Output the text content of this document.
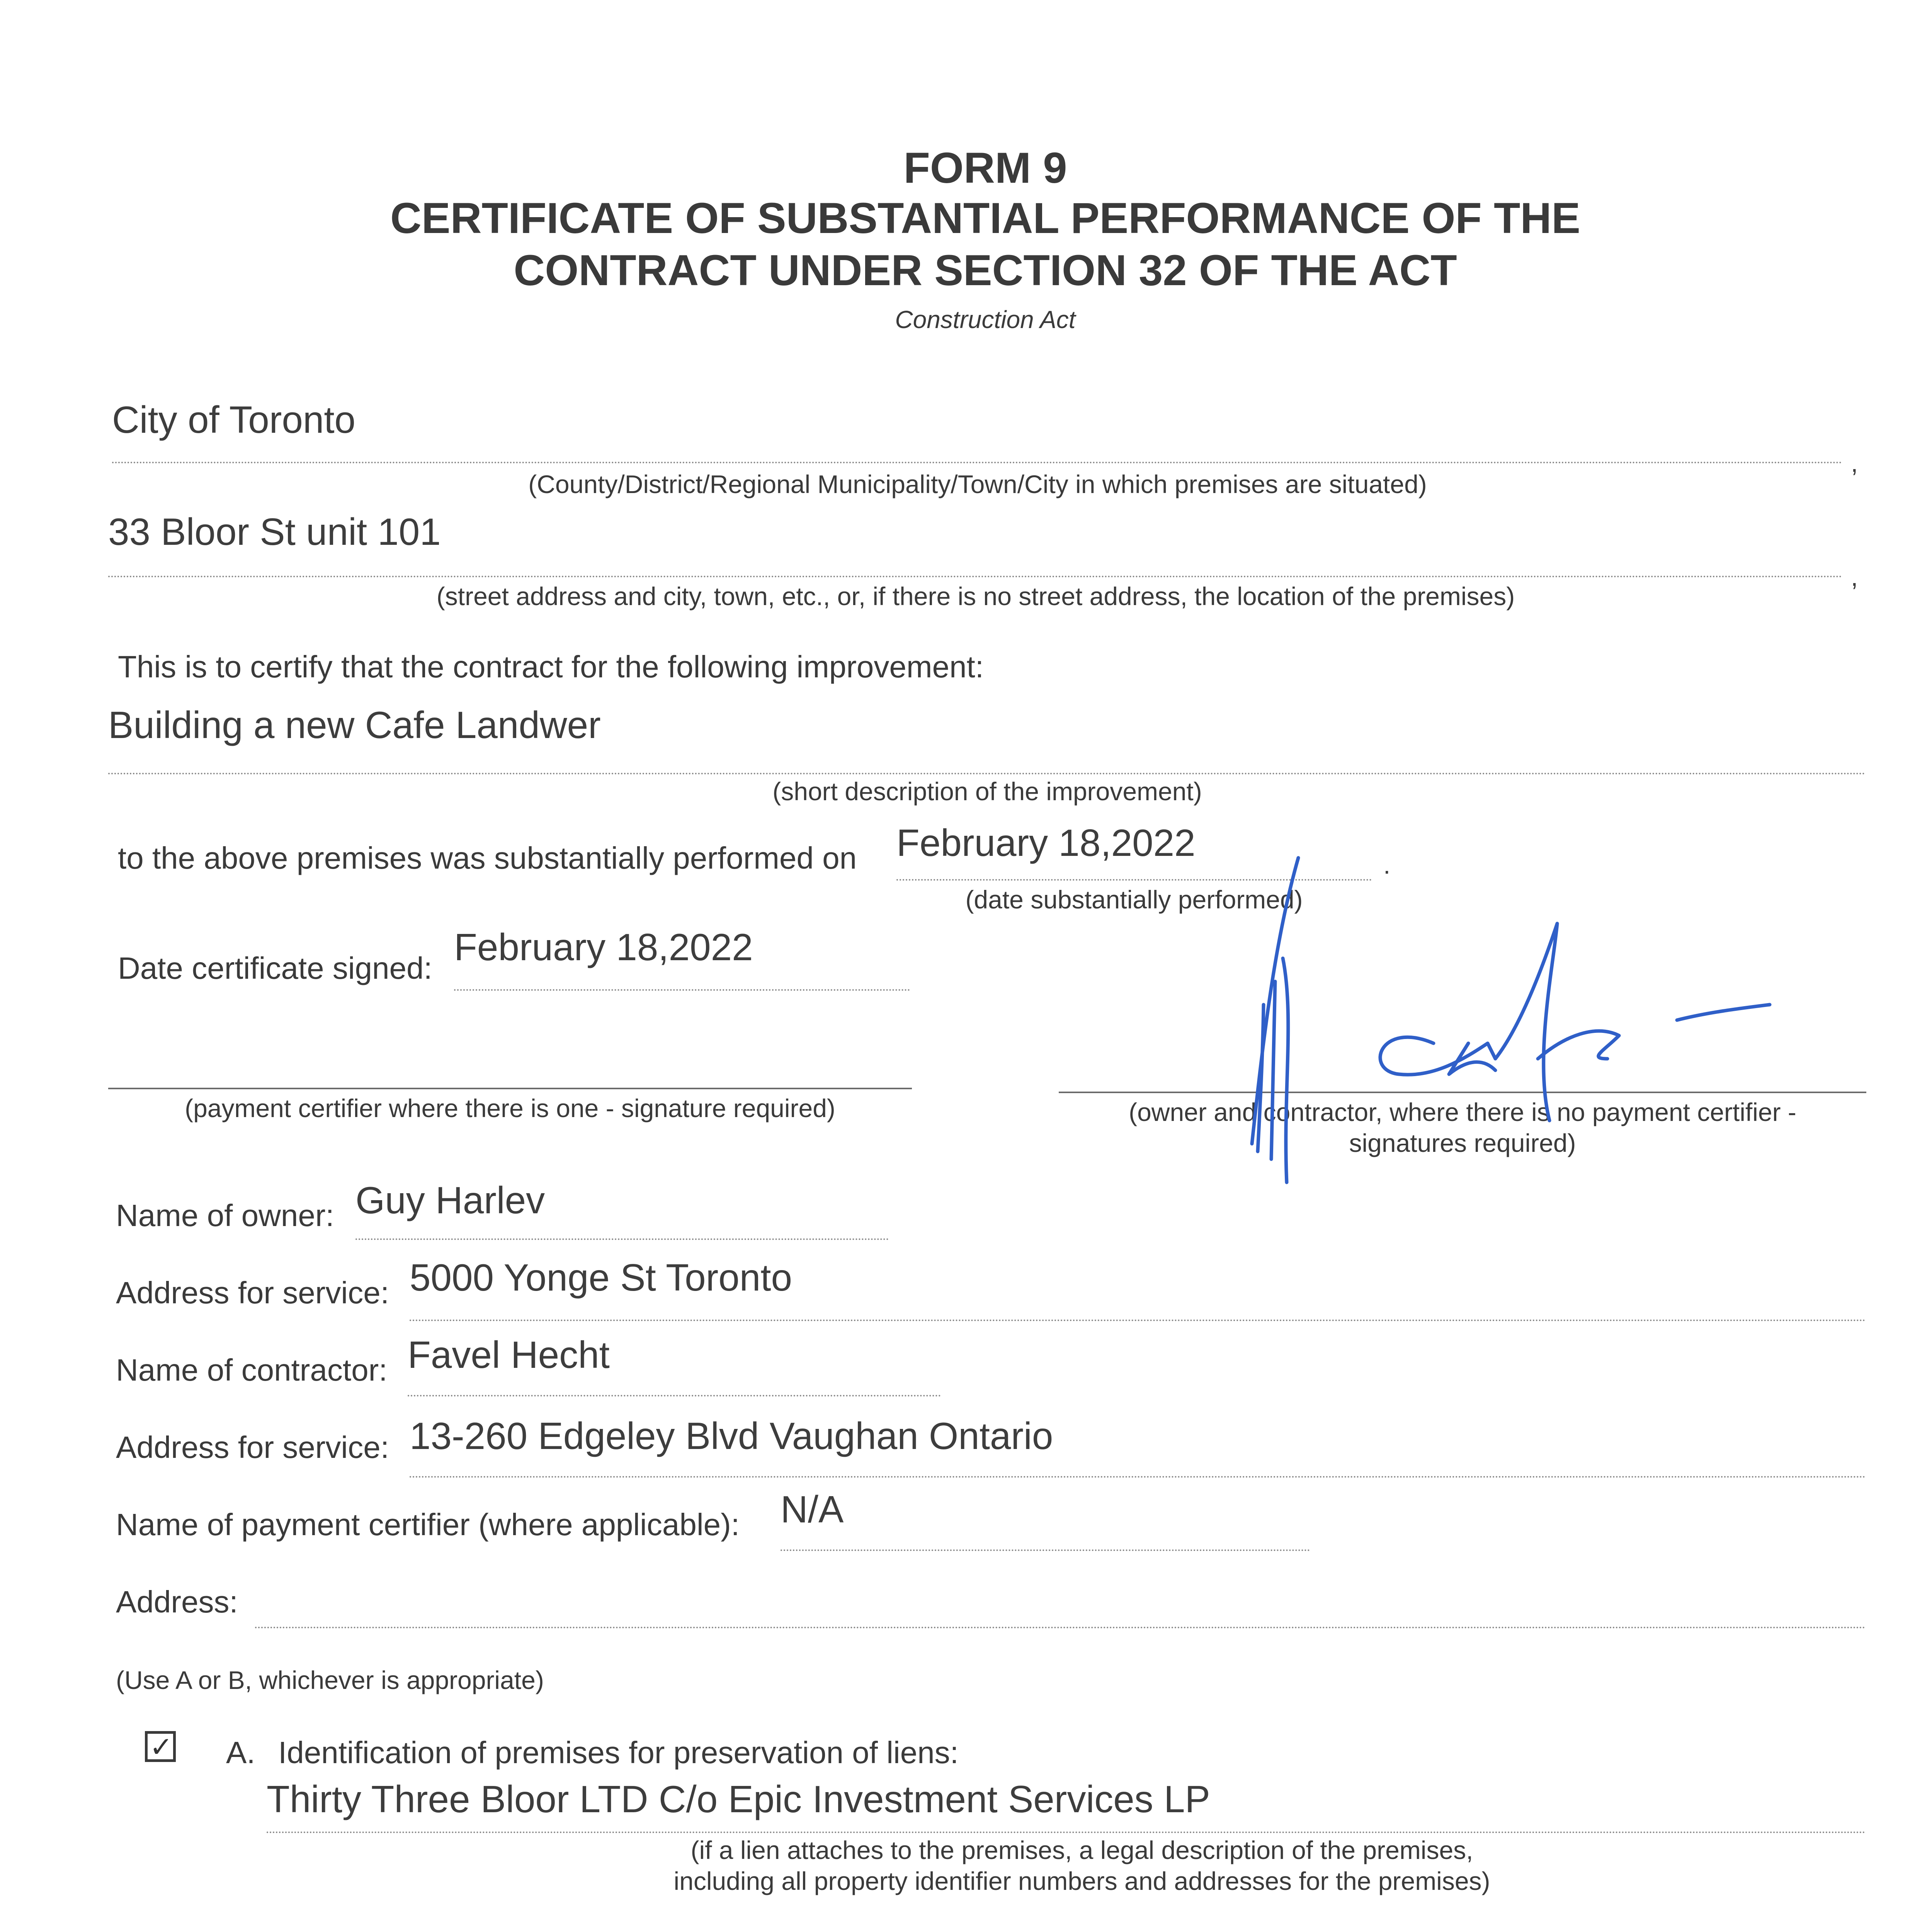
FORM 9
CERTIFICATE OF SUBSTANTIAL PERFORMANCE OF THE
CONTRACT UNDER SECTION 32 OF THE ACT
Construction Act
City of Toronto
,
(County/District/Regional Municipality/Town/City in which premises are situated)
33 Bloor St unit 101
,
(street address and city, town, etc., or, if there is no street address, the location of the premises)
This is to certify that the contract for the following improvement:
Building a new Cafe Landwer
(short description of the improvement)
to the above premises was substantially performed on February 18,2022
.
(date substantially performed)
Date certificate signed: February 18,2022
(payment certifier where there is one - signature required)	(owner and contractor, where there is no payment certifier -
signatures required)
Name of owner: Guy Harlev
Address for service: 5000 Yonge St Toronto
Name of contractor: Favel Hecht
Address for service: 13-260 Edgeley Blvd Vaughan Ontario
Name of payment certifier (where applicable): N/A
Address:
(Use A or B, whichever is appropriate)
✓ A. Identification of premises for preservation of liens:
Thirty Three Bloor LTD C/o Epic Investment Services LP
(if a lien attaches to the premises, a legal description of the premises,
including all property identifier numbers and addresses for the premises)
